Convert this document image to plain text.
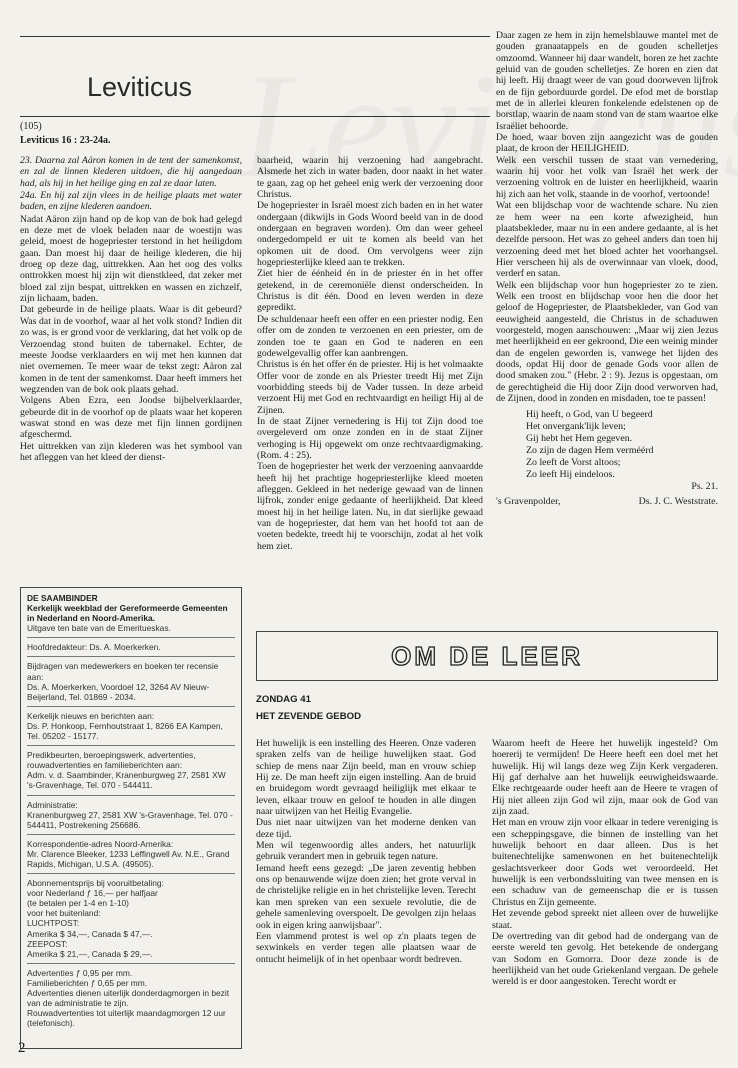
Leviticus
(105)
Leviticus 16 : 23-24a.

23. Daarna zal Aäron komen in de tent der samenkomst, en zal de linnen klederen uitdoen, die hij aangedaan had, als hij in het heilige ging en zal ze daar laten.

24a. En hij zal zijn vlees in de heilige plaats met water baden, en zijne klederen aandoen.

Nadat Aäron zijn hand op de kop van de bok had gelegd en deze met de vloek beladen naar de woestijn was geleid, moest de hogepriester terstond in het heiligdom gaan. Dan moest hij daar de heilige klederen, die hij droeg op deze dag, uittrekken. Aan het oog des volks onttrokken moest hij zijn wit dienstkleed, dat zeker met bloed zal zijn bespat, uittrekken en wassen en zichzelf, zijn lichaam, baden.

Dat gebeurde in de heilige plaats. Waar is dit gebeurd? Was dat in de voorhof, waar al het volk stond? Indien dit zo was, is er grond voor de verklaring, dat het volk op de Verzoendag stond buiten de tabernakel. Echter, de meeste Joodse verklaarders en wij met hen kunnen dat niet overnemen. Te meer waar de tekst zegt: Aäron zal komen in de tent der samenkomst. Daar heeft immers het wegzenden van de bok ook plaats gehad.

Volgens Aben Ezra, een Joodse bijbelverklaarder, gebeurde dit in de voorhof op de plaats waar het koperen waswat stond en was deze met fijn linnen gordijnen afgeschermd.

Het uittrekken van zijn klederen was het symbool van het afleggen van het kleed der dienst-

baarheid, waarin hij verzoening had aangebracht. Alsmede het zich in water baden, door naakt in het water te gaan, zag op het geheel enig werk der verzoening door Christus.

De hogepriester in Israël moest zich baden en in het water ondergaan (dikwijls in Gods Woord beeld van in de dood ondergaan en begraven worden). Om dan weer geheel ondergedompeld er uit te komen als beeld van het opkomen uit de dood. Om vervolgens weer zijn hogepriesterlijke kleed aan te trekken.

Ziet hier de éénheid én in de priester én in het offer getekend, in de ceremoniële dienst onderscheiden. In Christus is dit één. Dood en leven werden in deze gepredikt.

De schuldenaar heeft een offer en een priester nodig. Een offer om de zonden te verzoenen en een priester, om de zonden toe te gaan en God te naderen en een godewelgevallig offer kan aanbrengen.

Christus is én het offer én de priester. Hij is het volmaakte Offer voor de zonde en als Priester treedt Hij met Zijn voorbidding steeds bij de Vader tussen. In deze arbeid verzoent Hij met God en rechtvaardigt en heiligt Hij al de Zijnen.

In de staat Zijner vernedering is Hij tot Zijn dood toe overgeleverd om onze zonden en in de staat Zijner verhoging is Hij opgewekt om onze rechtvaardigmaking. (Rom. 4 : 25).

Toen de hogepriester het werk der verzoening aanvaardde heeft hij het prachtige hogepriesterlijke kleed moeten afleggen. Gekleed in het nederige gewaad van de linnen lijfrok, zonder enige gedaante of heerlijkheid. Dat kleed moest hij in het heilige laten. Nu, in dat sierlijke gewaad van de hogepriester, dat hem van het hoofd tot aan de voeten bedekte, treedt hij te voorschijn, zodat al het volk hem ziet.

Daar zagen ze hem in zijn hemelsblauwe mantel met de gouden granaatappels en de gouden schelletjes omzoomd. Wanneer hij daar wandelt, horen ze het zachte geluid van de gouden schelletjes. Ze horen en zien dat hij leeft. Hij draagt weer de van goud doorweven lijfrok en de fijn geborduurde gordel. De efod met de borstlap met de in allerlei kleuren fonkelende edelstenen op de borstlap, waarin de naam stond van de stam waartoe elke Israëliet behoorde.

De hoed, waar boven zijn aangezicht was de gouden plaat, de kroon der HEILIGHEID.

Welk een verschil tussen de staat van vernedering, waarin hij voor het volk van Israël het werk der verzoening voltrok en de luister en heerlijkheid, waarin hij zich aan het volk, staande in de voorhof, vertoonde!

Wat een blijdschap voor de wachtende schare. Nu zien ze hem weer na een korte afwezigheid, hun plaatsbekleder, maar nu in een andere gedaante, al is het dezelfde persoon. Het was zo geheel anders dan toen hij verzoening deed met het bloed achter het voorhangsel. Hier verscheen hij als de overwinnaar van vloek, dood, verderf en satan.

Welk een blijdschap voor hun hogepriester zo te zien. Welk een troost en blijdschap voor hen die door het geloof de Hogepriester, de Plaatsbekleder, van God van eeuwigheid aangesteld, die Christus in de schaduwen voorgesteld, mogen aanschouwen: „Maar wij zien Jezus met heerlijkheid en eer gekroond, Die een weinig minder dan de engelen geworden is, vanwege het lijden des doods, opdat Hij door de genade Gods voor allen de dood smaken zou." (Hebr. 2 : 9). Jezus is opgestaan, om de gerechtigheid die Hij door Zijn dood verworven had, de Zijnen, dood in zonden en misdaden, toe te passen!

Hij heeft, o God, van U begeerd
Het onvergank'lijk leven;
Gij hebt het Hem gegeven.
Zo zijn de dagen Hem verméérd
Zo leeft de Vorst altoos;
Zo leeft Hij eindeloos.
Ps. 21.
's Gravenpolder,	Ds. J. C. Weststrate.

DE SAAMBINDER

Kerkelijk weekblad der Gereformeerde Gemeenten in Nederland en Noord-Amerika.

Uitgave ten bate van de Emeritueskas.

Hoofdredakteur: Ds. A. Moerkerken.

Bijdragen van medewerkers en boeken ter recensie aan:

Ds. A. Moerkerken, Voordoel 12, 3264 AV Nieuw-Beijerland, Tel. 01869 - 2034.

Kerkelijk nieuws en berichten aan:

Ds. P. Honkoop, Fernhoutstraat 1, 8266 EA Kampen, Tel. 05202 - 15177.

Predikbeurten, beroepingswerk, advertenties, rouwadvertenties en familieberichten aan:

Adm. v. d. Saambinder, Kranenburgweg 27, 2581 XW 's-Gravenhage, Tel. 070 - 544411.

Administratie:

Kranenburgweg 27, 2581 XW 's-Gravenhage, Tel. 070 - 544411, Postrekening 256686.

Korrespondentie-adres Noord-Amerika:

Mr. Clarence Bleeker, 1233 Leffingwell Av. N.E., Grand Rapids, Michigan, U.S.A. (49505).

Abonnementsprijs bij vooruitbetaling:

voor Nederland ƒ 16,— per halfjaar

(te betalen per 1-4 en 1-10)

voor het buitenland:

LUCHTPOST:

Amerika $ 34,—, Canada $ 47,—.

ZEEPOST:

Amerika $ 21,—, Canada $ 29,—.

Advertenties ƒ 0,95 per mm.

Familieberichten ƒ 0,65 per mm.

Advertenties dienen uiterlijk donderdagmorgen in bezit van de administratie te zijn.

Rouwadvertenties tot uiterlijk maandagmorgen 12 uur (telefonisch).

OM DE LEER
ZONDAG 41
HET ZEVENDE GEBOD

Het huwelijk is een instelling des Heeren. Onze vaderen spraken zelfs van de heilige huwelijken staat. God schiep de mens naar Zijn beeld, man en vrouw schiep Hij ze. De man heeft zijn eigen instelling. Aan de bruid en bruidegom wordt gevraagd heiliglijk met elkaar te leven, elkaar trouw en geloof te houden in alle dingen naar uitwijzen van het Heilig Evangelie.

Dus niet naar uitwijzen van het moderne denken van deze tijd.

Men wil tegenwoordig alles anders, het natuurlijk gebruik verandert men in gebruik tegen nature.

Iemand heeft eens gezegd: „De jaren zeventig hebben ons op benauwende wijze doen zien; het grote verval in de christelijke religie en in het christelijke leven. Terecht kan men spreken van een sexuele revolutie, die de gehele samenleving overspoelt. De gevolgen zijn helaas ook in eigen kring aanwijsbaar".

Een vlammend protest is wel op z'n plaats tegen de sexwinkels en verder tegen alle plaatsen waar de ontucht heimelijk of in het openbaar wordt bedreven.

Waarom heeft de Heere het huwelijk ingesteld? Om hoererij te vermijden! De Heere heeft een doel met het huwelijk. Hij wil langs deze weg Zijn Kerk vergaderen. Hij gaf derhalve aan het huwelijk eeuwigheidswaarde. Elke rechtgeaarde ouder heeft aan de Heere te vragen of Hij niet alleen zijn God wil zijn, maar ook de God van zijn zaad.

Het man en vrouw zijn voor elkaar in tedere vereniging is een scheppingsgave, die binnen de instelling van het huwelijk behoort en daar alleen. Dus is het buitenechtelijke samenwonen en het buitenechtelijk geslachtsverkeer door Gods wet veroordeeld. Het huwelijk is een verbondssluiting van twee mensen en is een schaduw van de gemeenschap die er is tussen Christus en Zijn gemeente.

Het zevende gebod spreekt niet alleen over de huwelijke staat.

De overtreding van dit gebod had de ondergang van de eerste wereld ten gevolg. Het betekende de ondergang van Sodom en Gomorra. Door deze zonde is de heerlijkheid van het oude Griekenland vergaan. De gehele wereld is er door aangestoken. Terecht wordt er

2
